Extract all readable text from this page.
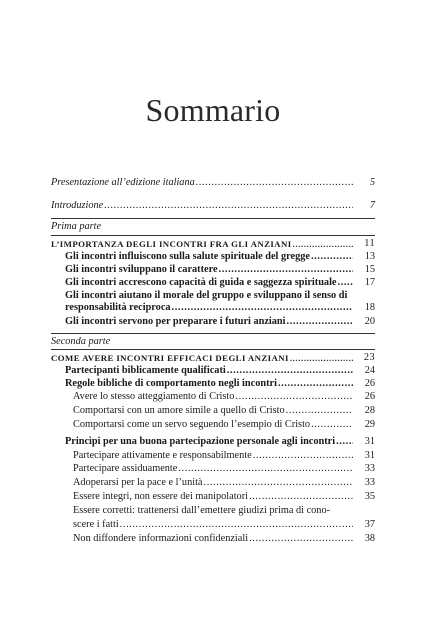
Sommario
Presentazione all’edizione italiana .....	5
Introduzione .....	7
Prima parte
L’IMPORTANZA DEGLI INCONTRI FRA GLI ANZIANI .....	11
Gli incontri influiscono sulla salute spirituale del gregge .....	13
Gli incontri sviluppano il carattere .....	15
Gli incontri accrescono capacità di guida e saggezza spirituale .....	17
Gli incontri aiutano il morale del gruppo e sviluppano il senso di
responsabilità reciproca .....	18
Gli incontri servono per preparare i futuri anziani .....	20
Seconda parte
COME AVERE INCONTRI EFFICACI DEGLI ANZIANI .....	23
Partecipanti biblicamente qualificati .....	24
Regole bibliche di comportamento negli incontri .....	26
Avere lo stesso atteggiamento di Cristo .....	26
Comportarsi con un amore simile a quello di Cristo .....	28
Comportarsi come un servo seguendo l’esempio di Cristo .....	29
Princìpi per una buona partecipazione personale agli incontri .....	31
Partecipare attivamente e responsabilmente .....	31
Partecipare assiduamente .....	33
Adoperarsi per la pace e l’unità .....	33
Essere integri, non essere dei manipolatori .....	35
Essere corretti: trattenersi dall’emettere giudizi prima di cono-
scere i fatti .....	37
Non diffondere informazioni confidenziali .....	38
